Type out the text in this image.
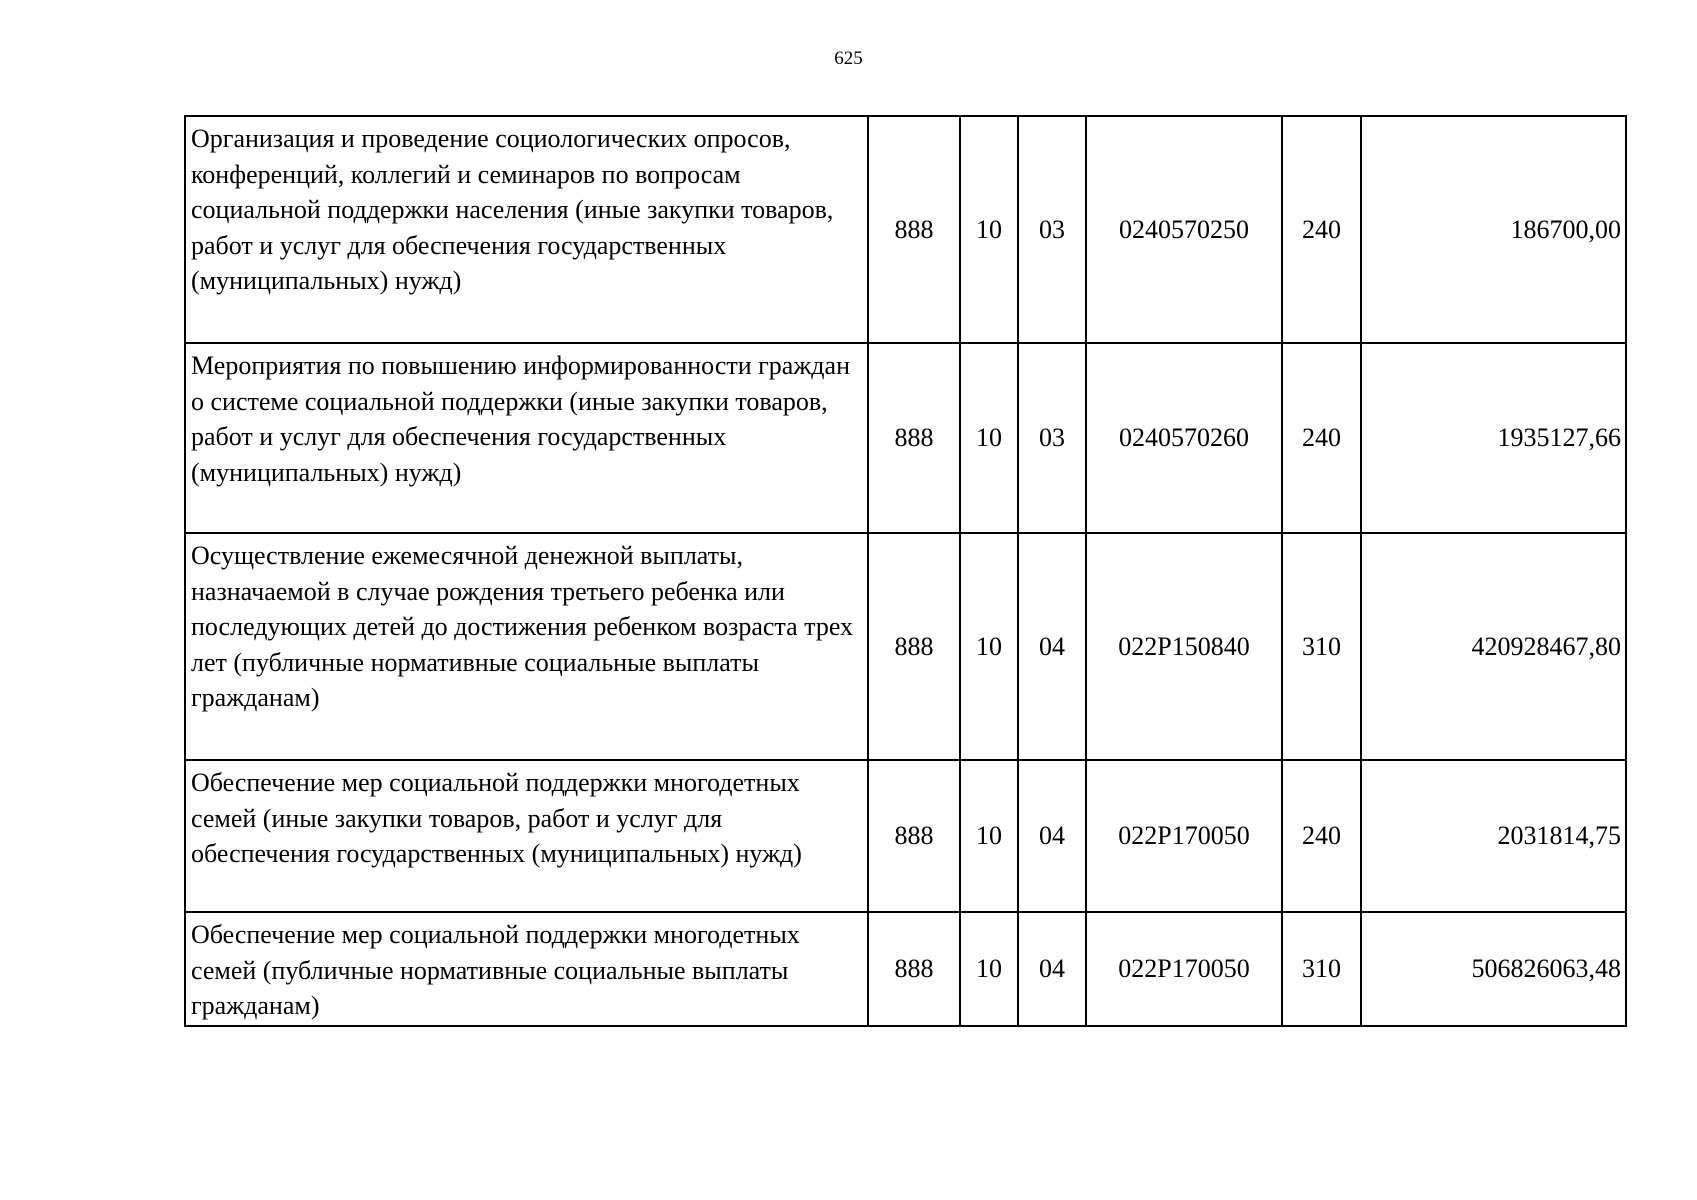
625
Организация и проведение социологических опросов, конференций, коллегий и семинаров по вопросам социальной поддержки населения (иные закупки товаров, работ и услуг для обеспечения государственных (муниципальных) нужд)	888	10	03	0240570250	240	186700,00
Мероприятия по повышению информированности граждан о системе социальной поддержки (иные закупки товаров, работ и услуг для обеспечения государственных (муниципальных) нужд)	888	10	03	0240570260	240	1935127,66
Осуществление ежемесячной денежной выплаты, назначаемой в случае рождения третьего ребенка или последующих детей до достижения ребенком возраста трех лет (публичные нормативные социальные выплаты гражданам)	888	10	04	022P150840	310	420928467,80
Обеспечение мер социальной поддержки многодетных семей (иные закупки товаров, работ и услуг для обеспечения государственных (муниципальных) нужд)	888	10	04	022P170050	240	2031814,75
Обеспечение мер социальной поддержки многодетных семей (публичные нормативные социальные выплаты гражданам)	888	10	04	022P170050	310	506826063,48
